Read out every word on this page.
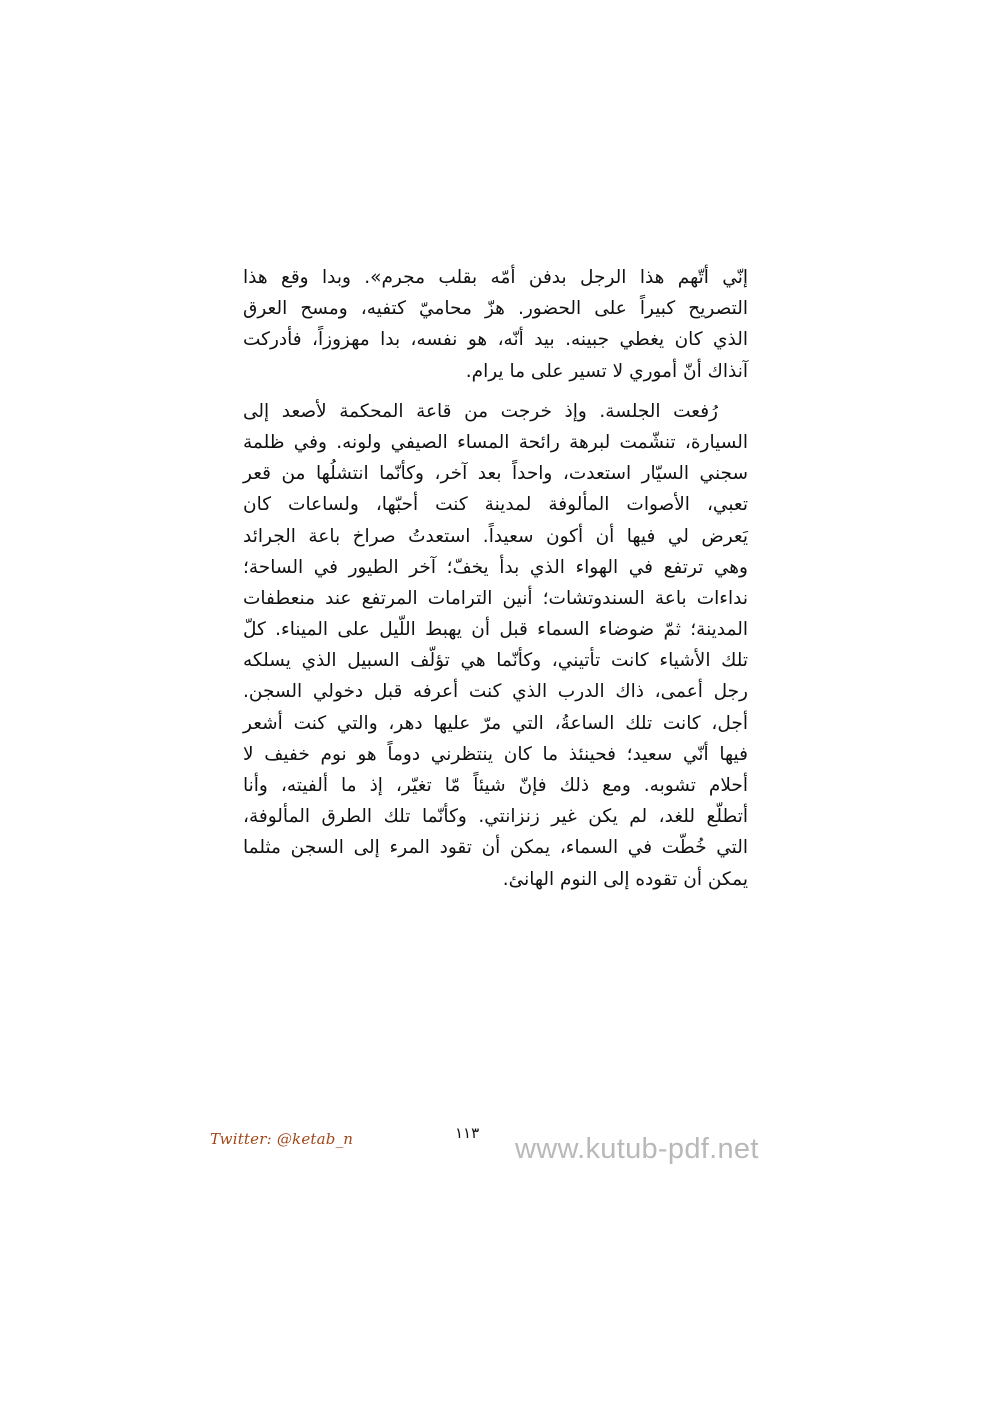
إنّي أتّهم هذا الرجل بدفن أمّه بقلب مجرم». وبدا وقع هذا
التصريح كبيراً على الحضور. هزّ محاميّ كتفيه، ومسح العرق
الذي كان يغطي جبينه. بيد أنّه، هو نفسه، بدا مهزوزاً، فأدركت
آنذاك أنّ أموري لا تسير على ما يرام.
رُفعت الجلسة. وإذ خرجت من قاعة المحكمة لأصعد إلى
السيارة، تنشّمت لبرهة رائحة المساء الصيفي ولونه. وفي ظلمة
سجني السيّار استعدت، واحداً بعد آخر، وكأنّما انتشلُها من قعر
تعبي، الأصوات المألوفة لمدينة كنت أحبّها، ولساعات كان
يَعرض لي فيها أن أكون سعيداً. استعدتُ صراخ باعة الجرائد
وهي ترتفع في الهواء الذي بدأ يخفّ؛ آخر الطيور في الساحة؛
نداءات باعة السندوتشات؛ أنين الترامات المرتفع عند منعطفات
المدينة؛ ثمّ ضوضاء السماء قبل أن يهبط اللّيل على الميناء. كلّ
تلك الأشياء كانت تأتيني، وكأنّما هي تؤلّف السبيل الذي يسلكه
رجل أعمى، ذاك الدرب الذي كنت أعرفه قبل دخولي السجن.
أجل، كانت تلك الساعةُ، التي مرّ عليها دهر، والتي كنت أشعر
فيها أنّي سعيد؛ فحينئذ ما كان ينتظرني دوماً هو نوم خفيف لا
أحلام تشوبه. ومع ذلك فإنّ شيئاً مّا تغيّر، إذ ما ألفيته، وأنا
أتطلّع للغد، لم يكن غير زنزانتي. وكأنّما تلك الطرق المألوفة،
التي خُطّت في السماء، يمكن أن تقود المرء إلى السجن مثلما
يمكن أن تقوده إلى النوم الهانئ.
Twitter: @ketab_n	١١٣ www.kutub-pdf.net
